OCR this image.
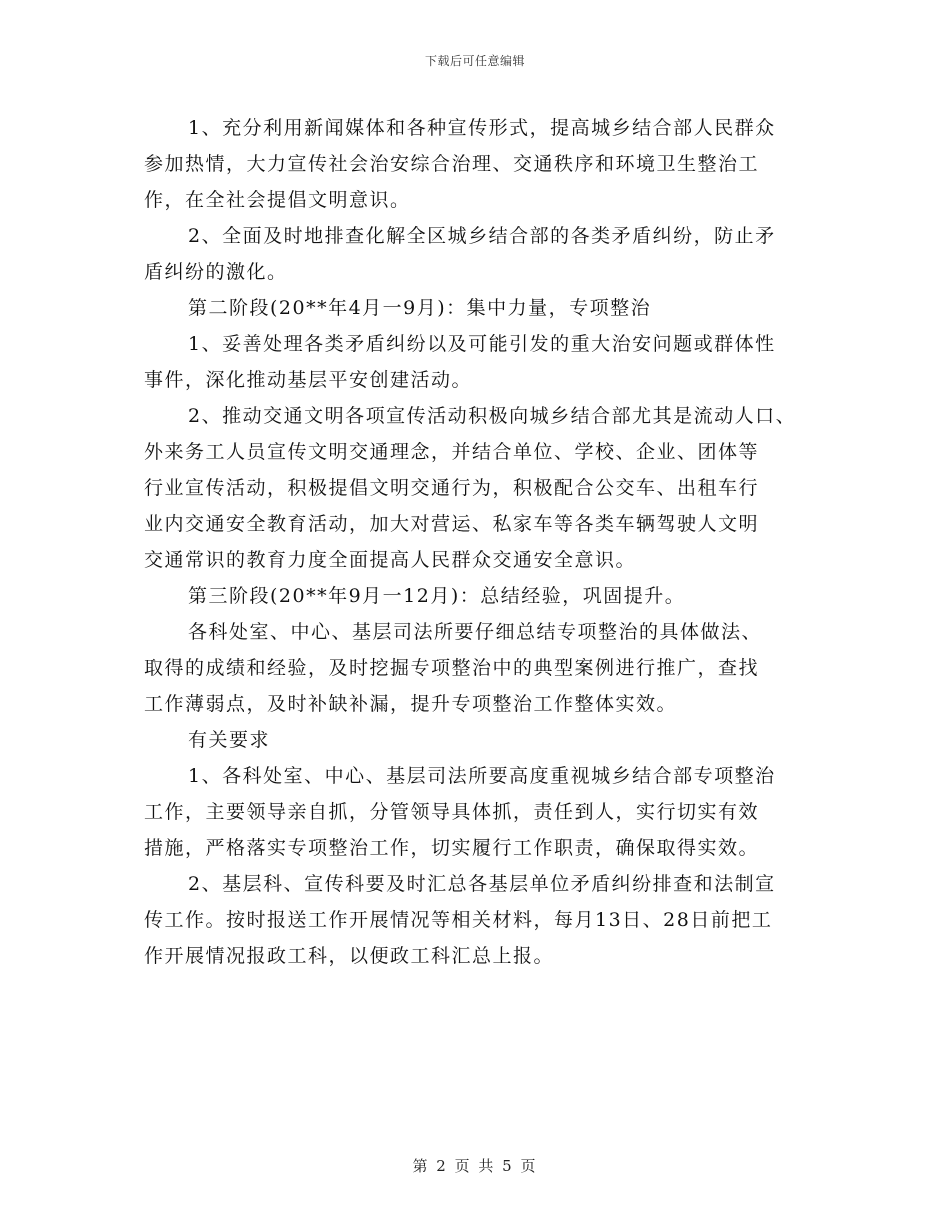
下载后可任意编辑
1、充分利用新闻媒体和各种宣传形式，提高城乡结合部人民群众
参加热情，大力宣传社会治安综合治理、交通秩序和环境卫生整治工
作，在全社会提倡文明意识。
2、全面及时地排查化解全区城乡结合部的各类矛盾纠纷，防止矛
盾纠纷的激化。
第二阶段(20**年4月一9月)：集中力量，专项整治
1、妥善处理各类矛盾纠纷以及可能引发的重大治安问题或群体性
事件，深化推动基层平安创建活动。
2、推动交通文明各项宣传活动积极向城乡结合部尤其是流动人口、
外来务工人员宣传文明交通理念，并结合单位、学校、企业、团体等
行业宣传活动，积极提倡文明交通行为，积极配合公交车、出租车行
业内交通安全教育活动，加大对营运、私家车等各类车辆驾驶人文明
交通常识的教育力度全面提高人民群众交通安全意识。
第三阶段(20**年9月一12月)：总结经验，巩固提升。
各科处室、中心、基层司法所要仔细总结专项整治的具体做法、
取得的成绩和经验，及时挖掘专项整治中的典型案例进行推广，查找
工作薄弱点，及时补缺补漏，提升专项整治工作整体实效。
有关要求
1、各科处室、中心、基层司法所要高度重视城乡结合部专项整治
工作，主要领导亲自抓，分管领导具体抓，责任到人，实行切实有效
措施，严格落实专项整治工作，切实履行工作职责，确保取得实效。
2、基层科、宣传科要及时汇总各基层单位矛盾纠纷排查和法制宣
传工作。按时报送工作开展情况等相关材料，每月13日、28日前把工
作开展情况报政工科，以便政工科汇总上报。
第 2 页 共 5 页
